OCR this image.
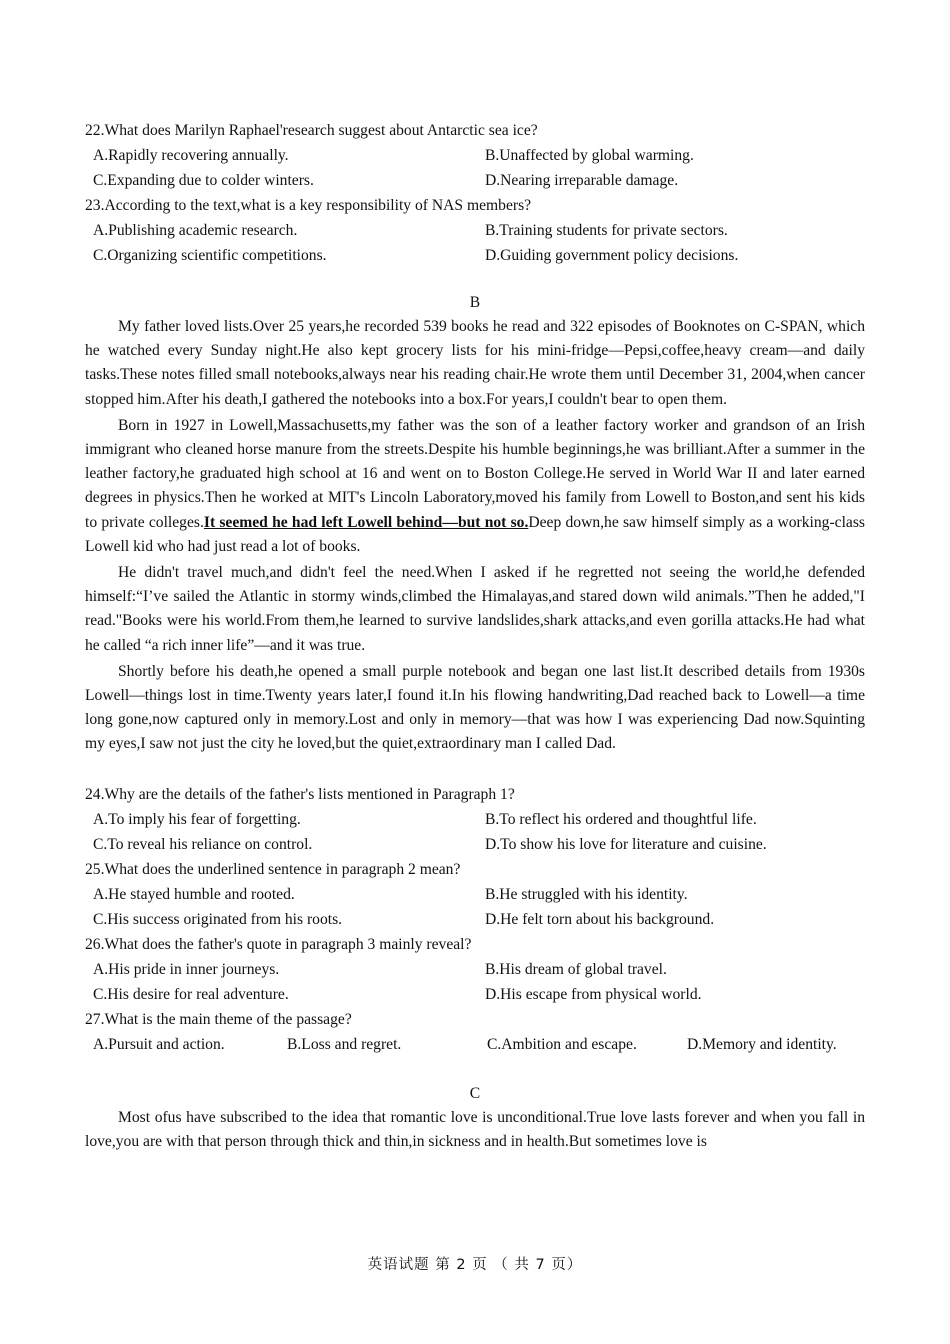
22.What does Marilyn Raphael'research suggest about Antarctic sea ice?
A.Rapidly recovering annually.	B.Unaffected by global warming.
C.Expanding due to colder winters.	D.Nearing irreparable damage.
23.According to the text,what is a key responsibility of NAS members?
A.Publishing academic research.	B.Training students for private sectors.
C.Organizing scientific competitions.	D.Guiding government policy decisions.
B

My father loved lists.Over 25 years,he recorded 539 books he read and 322 episodes of Booknotes on C-SPAN, which he watched every Sunday night.He also kept grocery lists for his mini-fridge—Pepsi,coffee,heavy cream—and daily tasks.These notes filled small notebooks,always near his reading chair.He wrote them until December 31, 2004,when cancer stopped him.After his death,I gathered the notebooks into a box.For years,I couldn't bear to open them.

Born in 1927 in Lowell,Massachusetts,my father was the son of a leather factory worker and grandson of an Irish immigrant who cleaned horse manure from the streets.Despite his humble beginnings,he was brilliant.After a summer in the leather factory,he graduated high school at 16 and went on to Boston College.He served in World War II and later earned degrees in physics.Then he worked at MIT's Lincoln Laboratory,moved his family from Lowell to Boston,and sent his kids to private colleges.It seemed he had left Lowell behind—but not so.Deep down,he saw himself simply as a working-class Lowell kid who had just read a lot of books.

He didn't travel much,and didn't feel the need.When I asked if he regretted not seeing the world,he defended himself:“I’ve sailed the Atlantic in stormy winds,climbed the Himalayas,and stared down wild animals.”Then he added,"I read."Books were his world.From them,he learned to survive landslides,shark attacks,and even gorilla attacks.He had what he called “a rich inner life”—and it was true.

Shortly before his death,he opened a small purple notebook and began one last list.It described details from 1930s Lowell—things lost in time.Twenty years later,I found it.In his flowing handwriting,Dad reached back to Lowell—a time long gone,now captured only in memory.Lost and only in memory—that was how I was experiencing Dad now.Squinting my eyes,I saw not just the city he loved,but the quiet,extraordinary man I called Dad.

24.Why are the details of the father's lists mentioned in Paragraph 1?
A.To imply his fear of forgetting.	B.To reflect his ordered and thoughtful life.
C.To reveal his reliance on control.	D.To show his love for literature and cuisine.
25.What does the underlined sentence in paragraph 2 mean?
A.He stayed humble and rooted.	B.He struggled with his identity.
C.His success originated from his roots.	D.He felt torn about his background.
26.What does the father's quote in paragraph 3 mainly reveal?
A.His pride in inner journeys.	B.His dream of global travel.
C.His desire for real adventure.	D.His escape from physical world.
27.What is the main theme of the passage?
A.Pursuit and action.	B.Loss and regret.	C.Ambition and escape.	D.Memory and identity.
C

Most ofus have subscribed to the idea that romantic love is unconditional.True love lasts forever and when you fall in love,you are with that person through thick and thin,in sickness and in health.But sometimes love is

英语试题 第 2 页 （ 共 7 页）
